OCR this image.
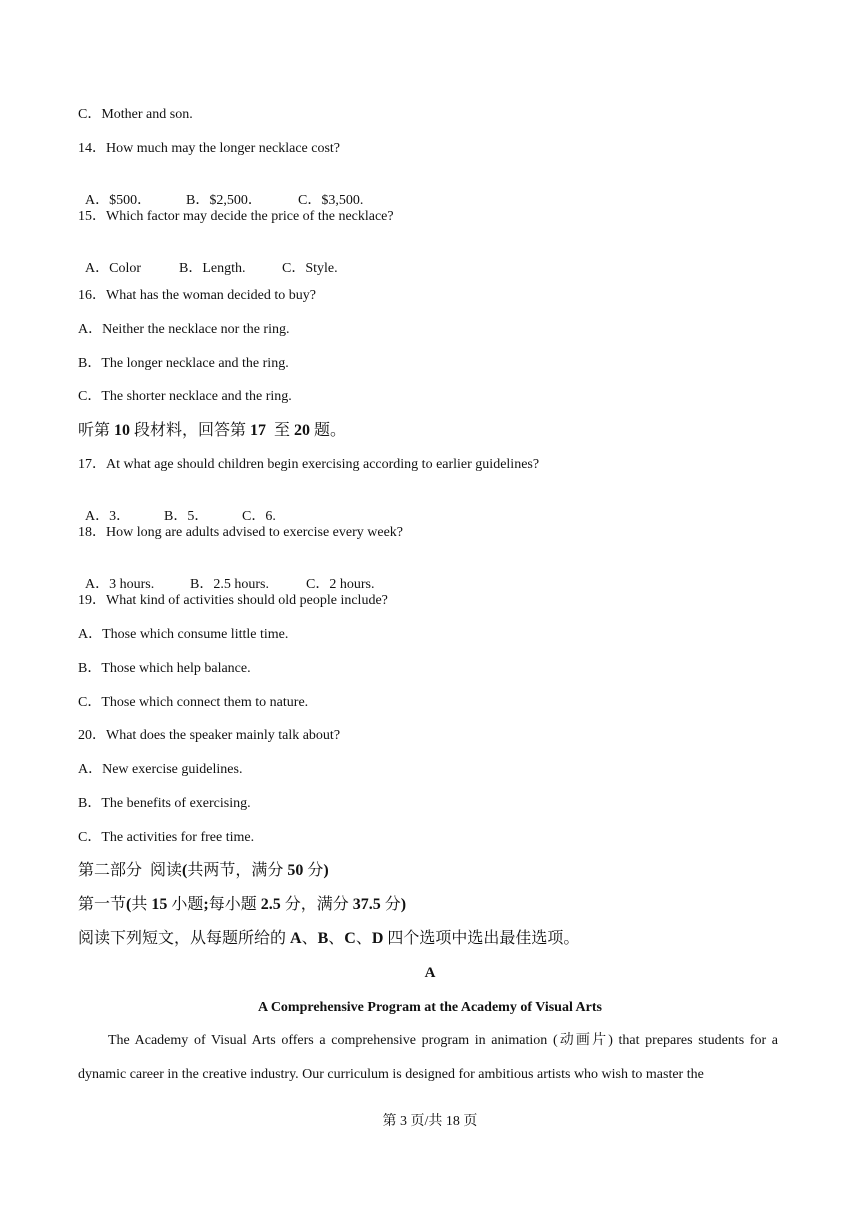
C．Mother and son.
14．How much may the longer necklace cost?

A．$500． B．$2,500．	C．$3,500.

15．Which factor may decide the price of the necklace?

A．Color	B．Length.	C．Style.

16．What has the woman decided to buy?
A．Neither the necklace nor the ring.
B．The longer necklace and the ring.
C．The shorter necklace and the ring.
听第 10 段材料，回答第 17  至 20 题。
17．At what age should children begin exercising according to earlier guidelines?

A．3． B．5． C．6.

18．How long are adults advised to exercise every week?

A．3 hours.	B．2.5 hours.	C．2 hours.

19．What kind of activities should old people include?
A．Those which consume little time.
B．Those which help balance.
C．Those which connect them to nature.
20．What does the speaker mainly talk about?
A．New exercise guidelines.
B．The benefits of exercising.
C．The activities for free time.
第二部分  阅读(共两节，满分 50 分)
第一节(共 15 小题;每小题 2.5 分，满分 37.5 分)
阅读下列短文，从每题所给的 A、B、C、D 四个选项中选出最佳选项。
A
A Comprehensive Program at the Academy of Visual Arts
The Academy of Visual Arts offers a comprehensive program in animation (动画片) that prepares students for a dynamic career in the creative industry. Our curriculum is designed for ambitious artists who wish to master the
第 3 页/共 18 页
